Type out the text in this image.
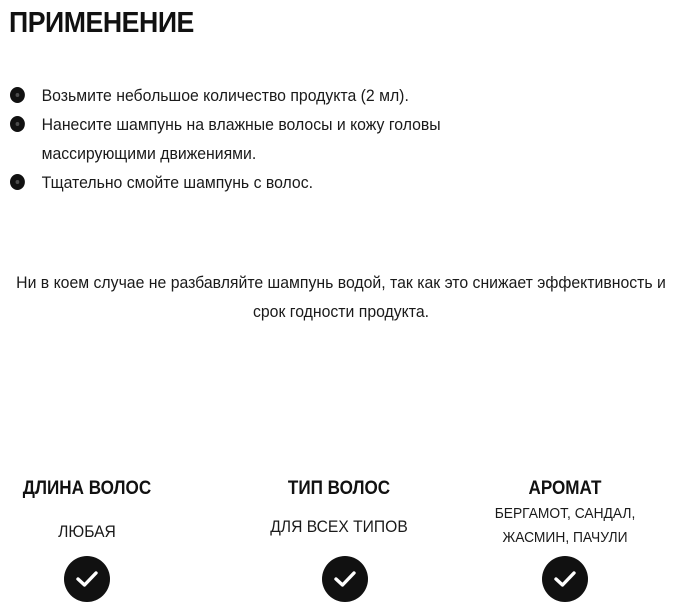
ПРИМЕНЕНИЕ
Возьмите небольшое количество продукта (2 мл).
Нанесите шампунь на влажные волосы и кожу головы массирующими движениями.
Тщательно смойте шампунь с волос.
Ни в коем случае не разбавляйте шампунь водой, так как это снижает эффективность и срок годности продукта.
ДЛИНА ВОЛОС
ЛЮБАЯ
ТИП ВОЛОС
ДЛЯ ВСЕХ ТИПОВ
АРОМАТ
БЕРГАМОТ, САНДАЛ, ЖАСМИН, ПАЧУЛИ
